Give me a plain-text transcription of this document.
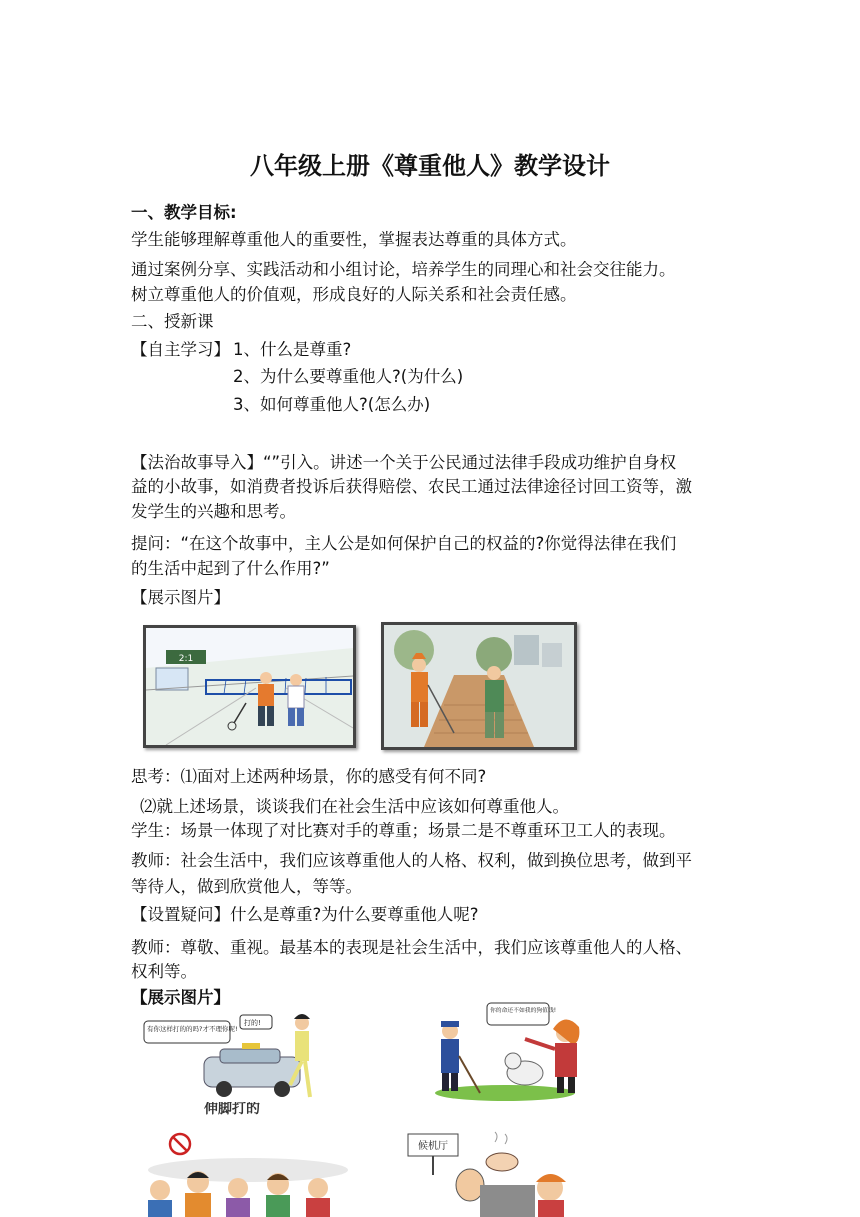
八年级上册《尊重他人》教学设计
一、教学目标:
学生能够理解尊重他人的重要性，掌握表达尊重的具体方式。
通过案例分享、实践活动和小组讨论，培养学生的同理心和社会交往能力。
树立尊重他人的价值观，形成良好的人际关系和社会责任感。
二、授新课
【自主学习】 1、什么是尊重?
2、为什么要尊重他人?(为什么)
3、如何尊重他人?(怎么办)
【法治故事导入】“”引入。讲述一个关于公民通过法律手段成功维护自身权
益的小故事，如消费者投诉后获得赔偿、农民工通过法律途径讨回工资等，激
发学生的兴趣和思考。
提问：“在这个故事中，主人公是如何保护自己的权益的?你觉得法律在我们
的生活中起到了什么作用?”
【展示图片】
2:1
思考：⑴面对上述两种场景，你的感受有何不同?
⑵就上述场景，谈谈我们在社会生活中应该如何尊重他人。
学生：场景一体现了对比赛对手的尊重；场景二是不尊重环卫工人的表现。
教师：社会生活中，我们应该尊重他人的人格、权利，做到换位思考，做到平
等待人，做到欣赏他人，等等。
【设置疑问】什么是尊重?为什么要尊重他人呢?
教师：尊敬、重视。最基本的表现是社会生活中，我们应该尊重他人的人格、
权利等。
【展示图片】
有你这样打的的吗?才不理你呢!
打的!
伸脚打的
你的命还不如我的狗值钱!
候机厅
